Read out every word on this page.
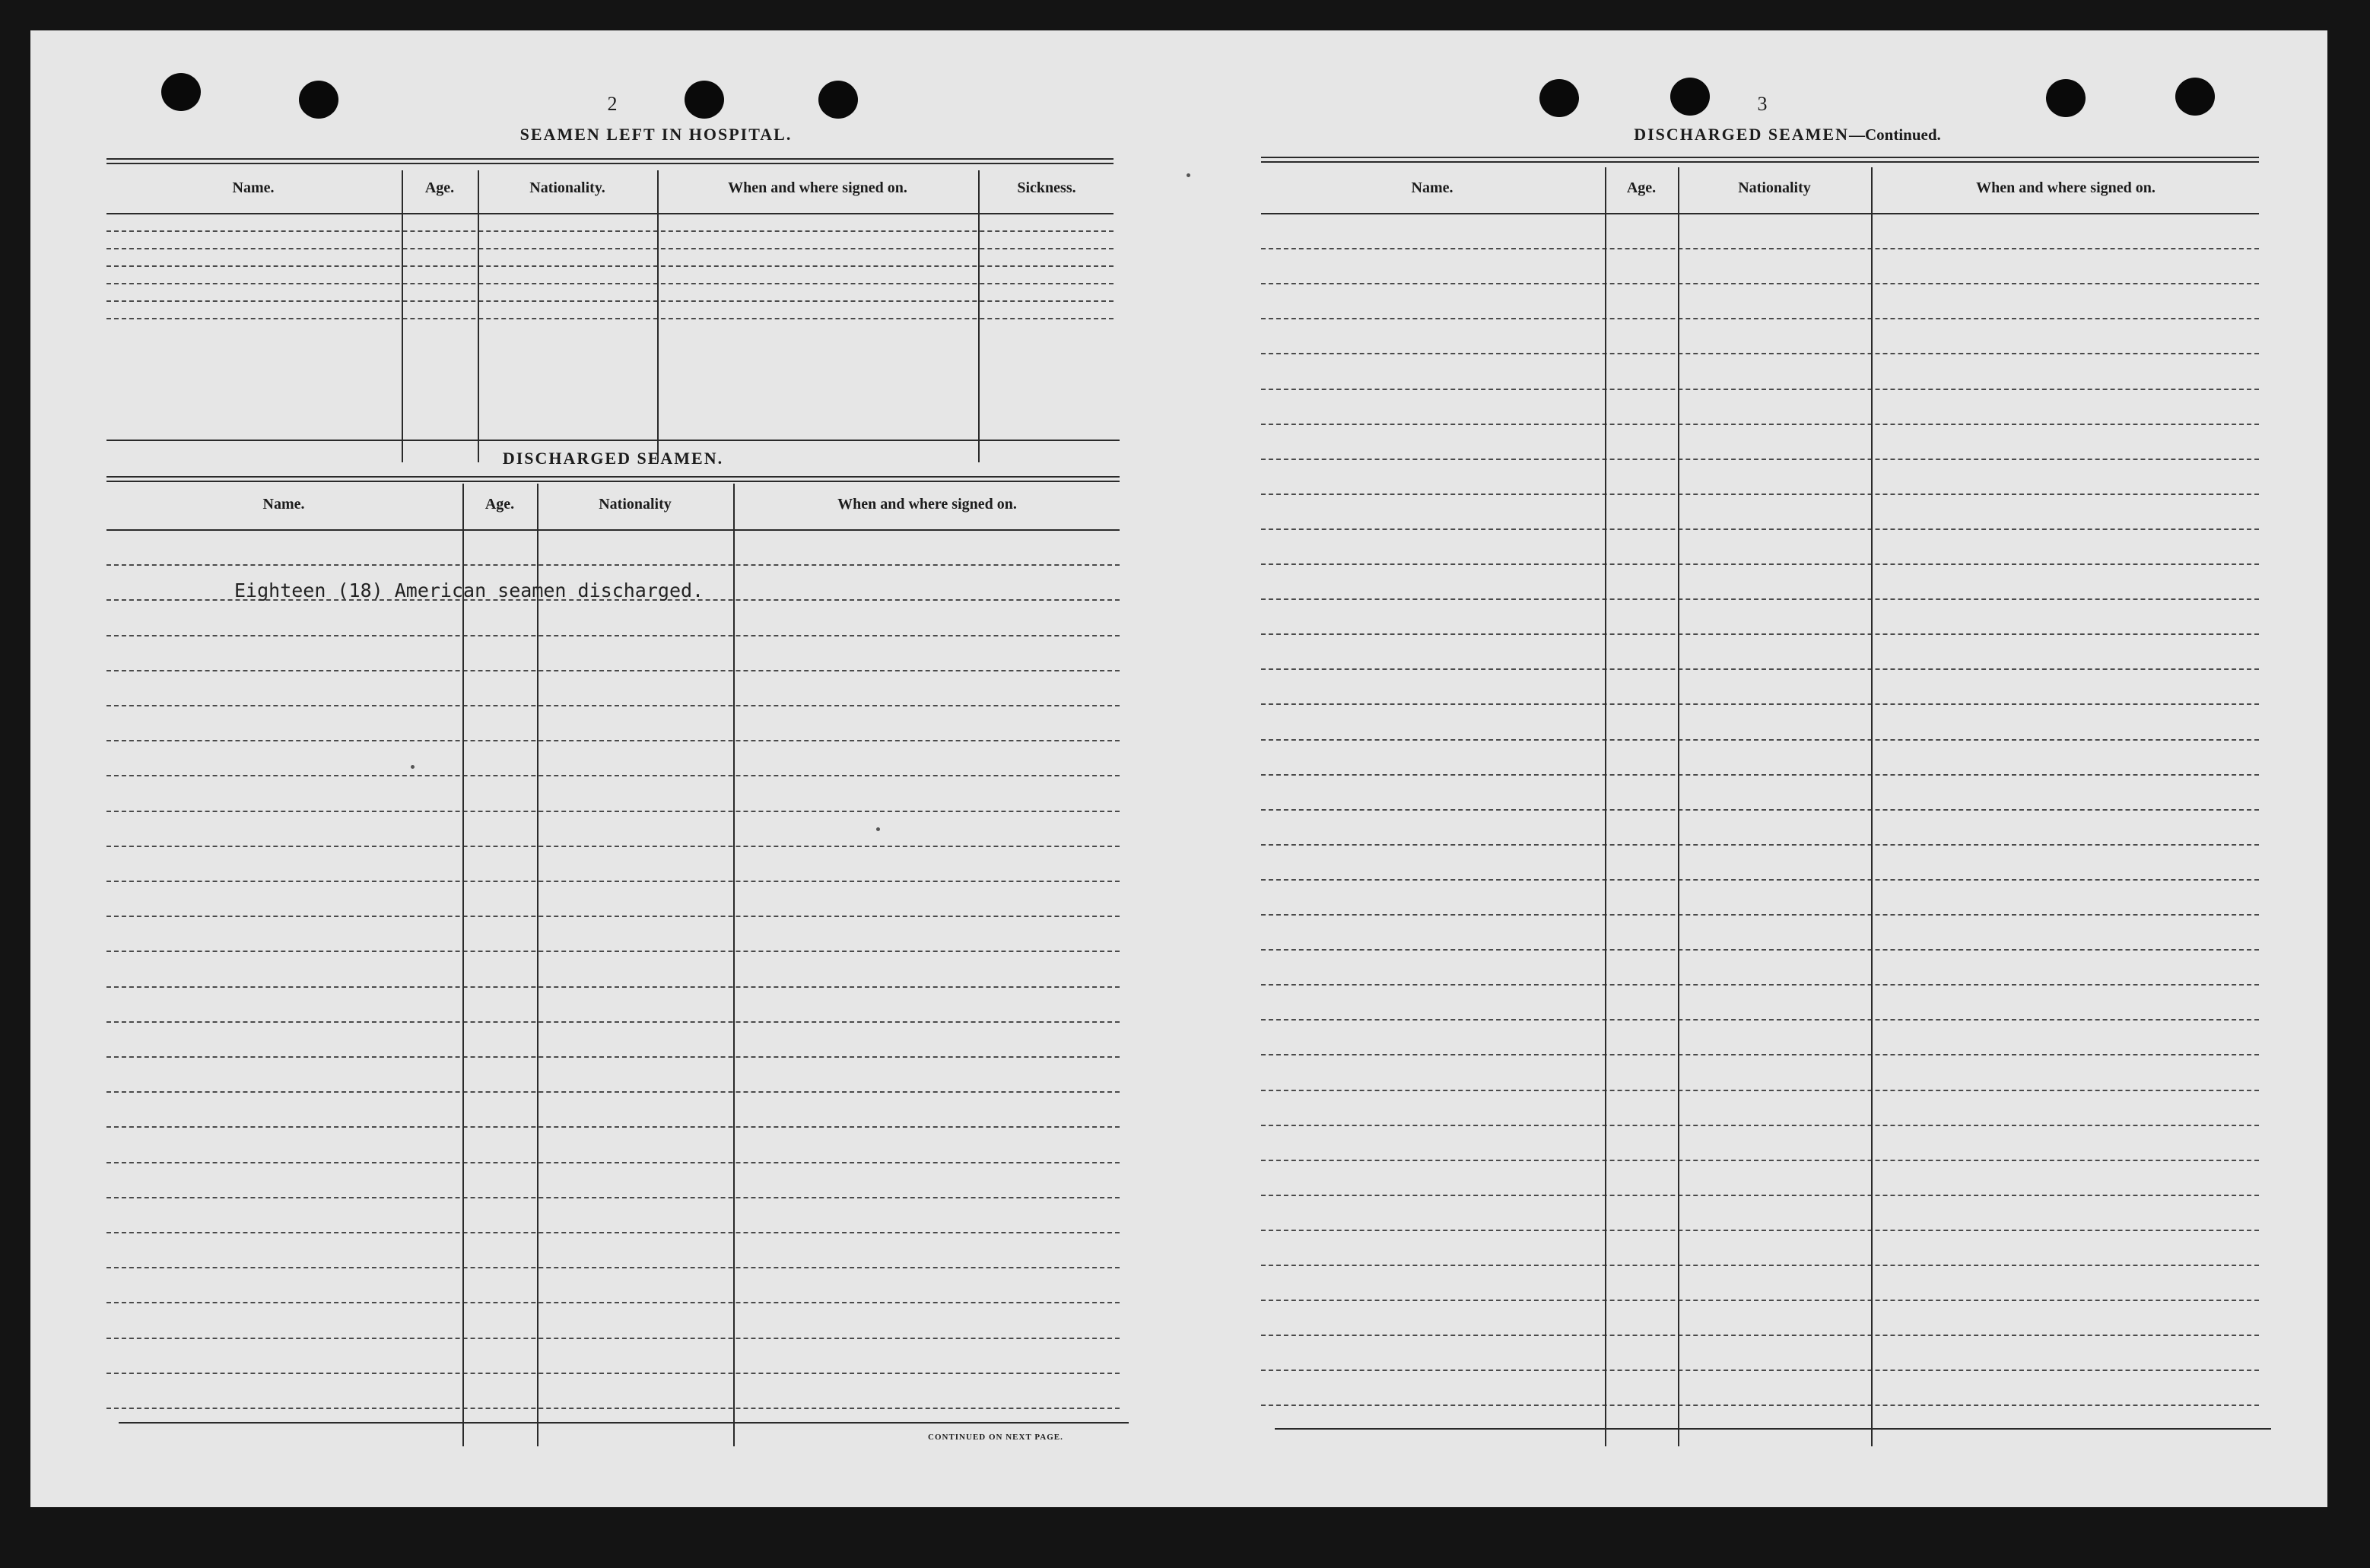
2
SEAMEN LEFT IN HOSPITAL.
Name.	Age.	Nationality.	When and where signed on.	Sickness.
DISCHARGED SEAMEN.
Name.	Age.	Nationality	When and where signed on.
Eighteen (18) American seamen discharged.
CONTINUED ON NEXT PAGE.
3
DISCHARGED SEAMEN—Continued.
Name.	Age.	Nationality	When and where signed on.
